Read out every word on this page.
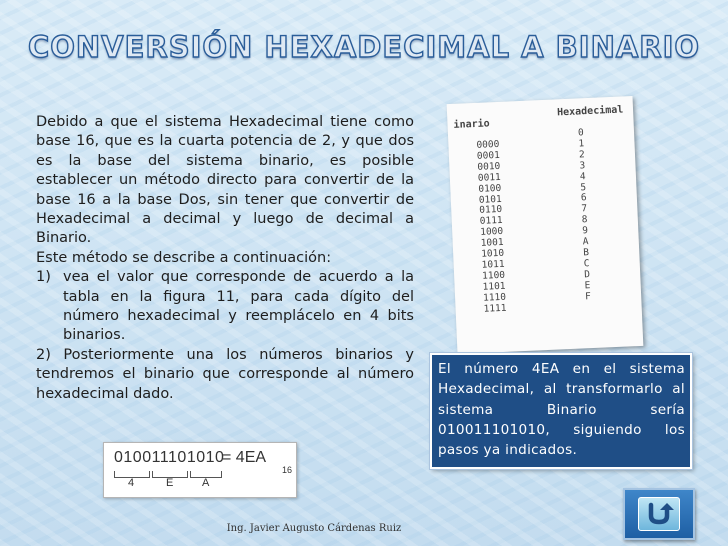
CONVERSIÓN HEXADECIMAL A BINARIO

Debido a que el sistema Hexadecimal tiene como base 16, que es la cuarta potencia de 2, y que dos es la base del sistema binario, es posible establecer un método directo para convertir de la base 16 a la base Dos, sin tener que convertir de Hexadecimal a decimal y luego de decimal a Binario.

Este método se describe a continuación:

1) vea el valor que corresponde de acuerdo a la tabla en la figura 11, para cada dígito del número hexadecimal y reemplácelo en 4 bits binarios.

2) Posteriormente una los números binarios y tendremos el binario que corresponde al número hexadecimal dado.

inario
Hexadecimal
0000
0001
0010
0011
0100
0101
0110
0111
1000
1001
1010
1011
1100
1101
1110
1111
0
1
2
3
4
5
6
7
8
9
A
B
C
D
E
F

El número 4EA en el sistema Hexadecimal, al transformarlo al sistema Binario sería 010011101010, siguiendo los pasos ya indicados.

010011101010
= 4EA
16
4	E	A
Ing. Javier Augusto Cárdenas Ruiz
